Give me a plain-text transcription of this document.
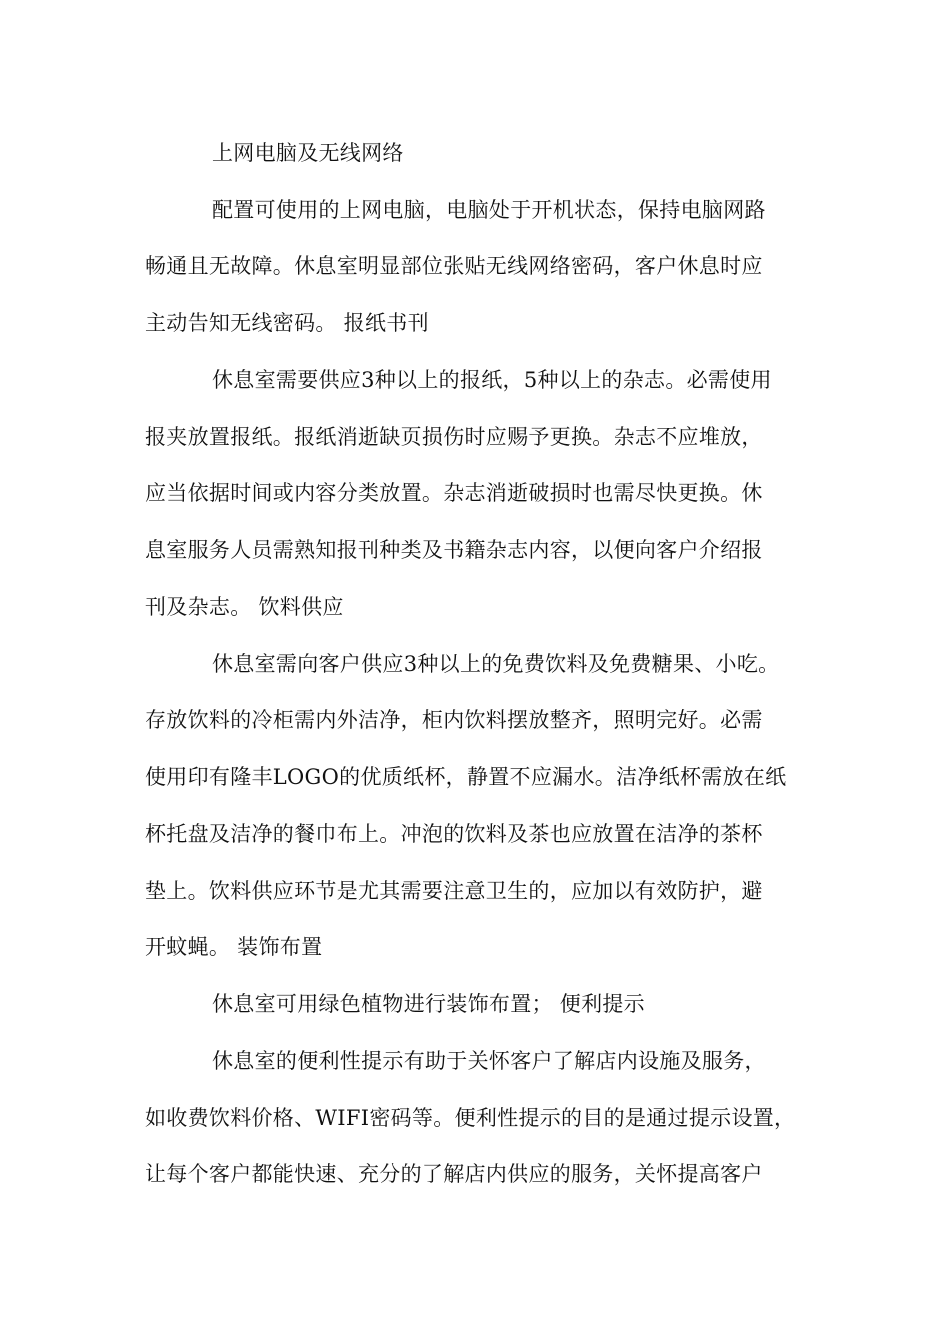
上网电脑及无线网络
配置可使用的上网电脑，电脑处于开机状态，保持电脑网路
畅通且无故障。休息室明显部位张贴无线网络密码，客户休息时应
主动告知无线密码。 报纸书刊
休息室需要供应3种以上的报纸，5种以上的杂志。必需使用
报夹放置报纸。报纸消逝缺页损伤时应赐予更换。杂志不应堆放，
应当依据时间或内容分类放置。杂志消逝破损时也需尽快更换。休
息室服务人员需熟知报刊种类及书籍杂志内容，以便向客户介绍报
刊及杂志。 饮料供应
休息室需向客户供应3种以上的免费饮料及免费糖果、小吃。
存放饮料的冷柜需内外洁净，柜内饮料摆放整齐，照明完好。必需
使用印有隆丰LOGO的优质纸杯，静置不应漏水。洁净纸杯需放在纸
杯托盘及洁净的餐巾布上。冲泡的饮料及茶也应放置在洁净的茶杯
垫上。饮料供应环节是尤其需要注意卫生的，应加以有效防护，避
开蚊蝇。 装饰布置
休息室可用绿色植物进行装饰布置； 便利提示
休息室的便利性提示有助于关怀客户了解店内设施及服务，
如收费饮料价格、WIFI密码等。便利性提示的目的是通过提示设置，
让每个客户都能快速、充分的了解店内供应的服务，关怀提高客户
